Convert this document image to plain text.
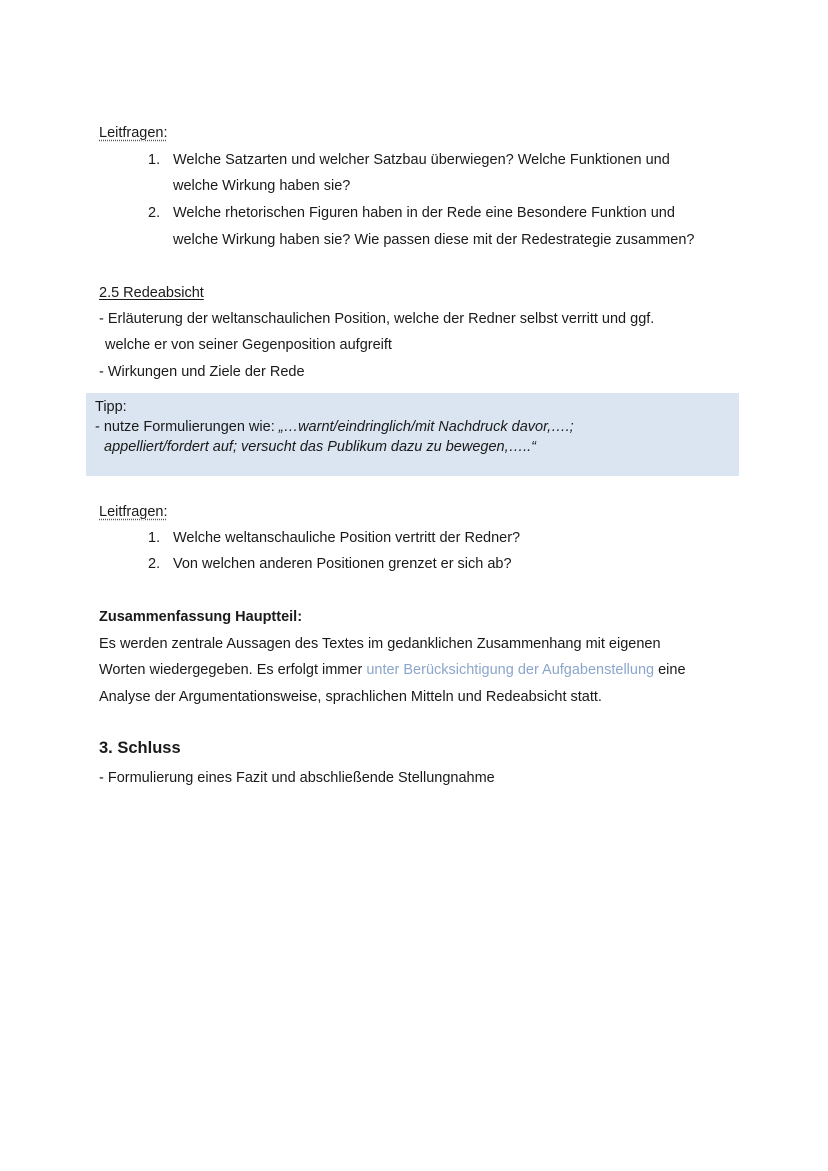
Leitfragen:
1. Welche Satzarten und welcher Satzbau überwiegen? Welche Funktionen und
welche Wirkung haben sie?
2. Welche rhetorischen Figuren haben in der Rede eine Besondere Funktion und
welche Wirkung haben sie? Wie passen diese mit der Redestrategie zusammen?
2.5 Redeabsicht
- Erläuterung der weltanschaulichen Position, welche der Redner selbst verritt und ggf.
welche er von seiner Gegenposition aufgreift
- Wirkungen und Ziele der Rede
Tipp:
- nutze Formulierungen wie: „…warnt/eindringlich/mit Nachdruck davor,….;
appelliert/fordert auf; versucht das Publikum dazu zu bewegen,…..“
Leitfragen:
1. Welche weltanschauliche Position vertritt der Redner?
2. Von welchen anderen Positionen grenzet er sich ab?
Zusammenfassung Hauptteil:
Es werden zentrale Aussagen des Textes im gedanklichen Zusammenhang mit eigenen
Worten wiedergegeben. Es erfolgt immer unter Berücksichtigung der Aufgabenstellung eine
Analyse der Argumentationsweise, sprachlichen Mitteln und Redeabsicht statt.
3. Schluss
- Formulierung eines Fazit und abschließende Stellungnahme
